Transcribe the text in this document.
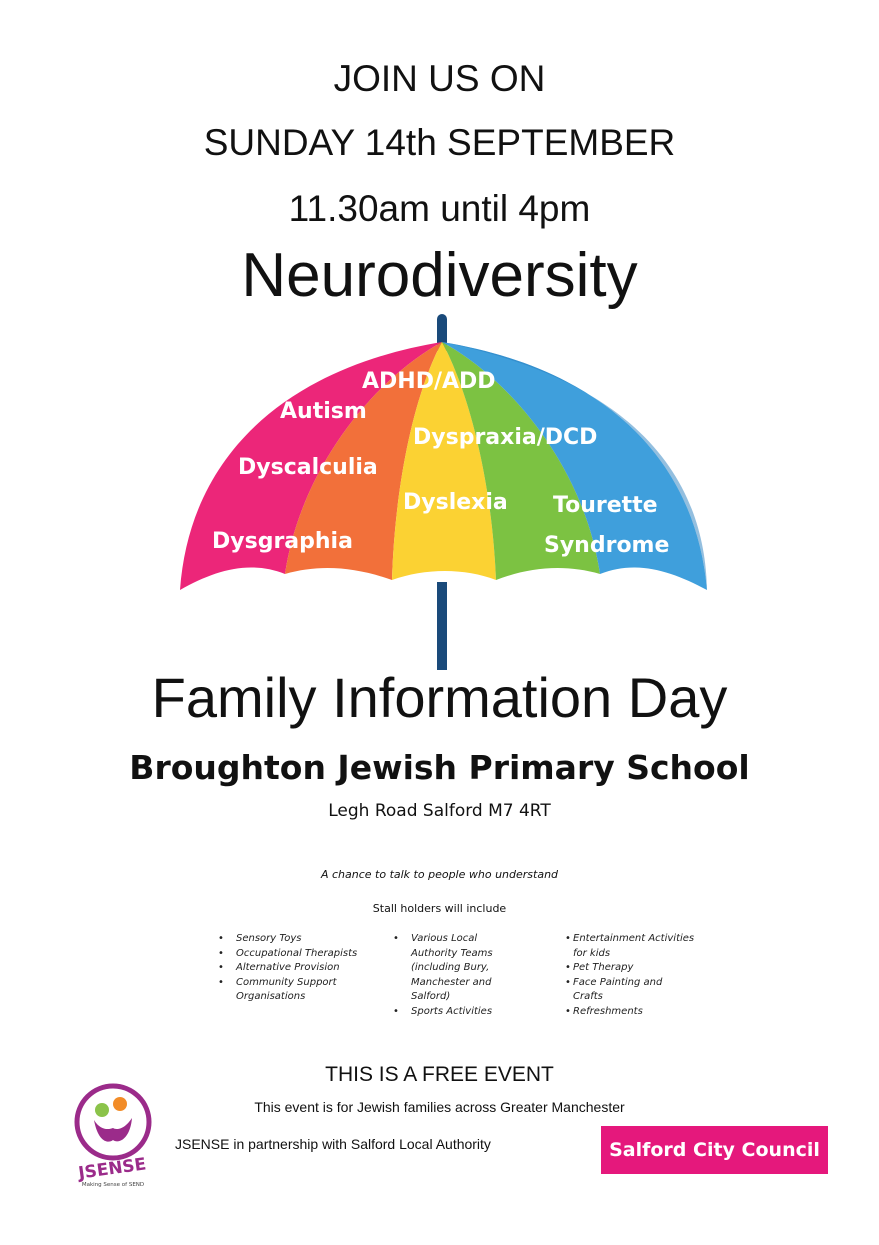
JOIN US ON
SUNDAY 14th SEPTEMBER
11.30am until 4pm
Neurodiversity
ADHD/ADD
Autism
Dyspraxia/DCD
Dyscalculia
Dyslexia Tourette
Syndrome
Dysgraphia
Family Information Day
Broughton Jewish Primary School
Legh Road Salford M7 4RT
A chance to talk to people who understand
Stall holders will include
• Sensory Toys
• Occupational Therapists
• Alternative Provision
• Community Support Organisations
• Various Local Authority Teams (including Bury, Manchester and Salford)
• Sports Activities
• Entertainment Activities for kids
• Pet Therapy
• Face Painting and Crafts
• Refreshments
THIS IS A FREE EVENT
This event is for Jewish families across Greater Manchester
JSENSE
Making Sense of SEND
JSENSE in partnership with Salford Local Authority	Salford City Council
